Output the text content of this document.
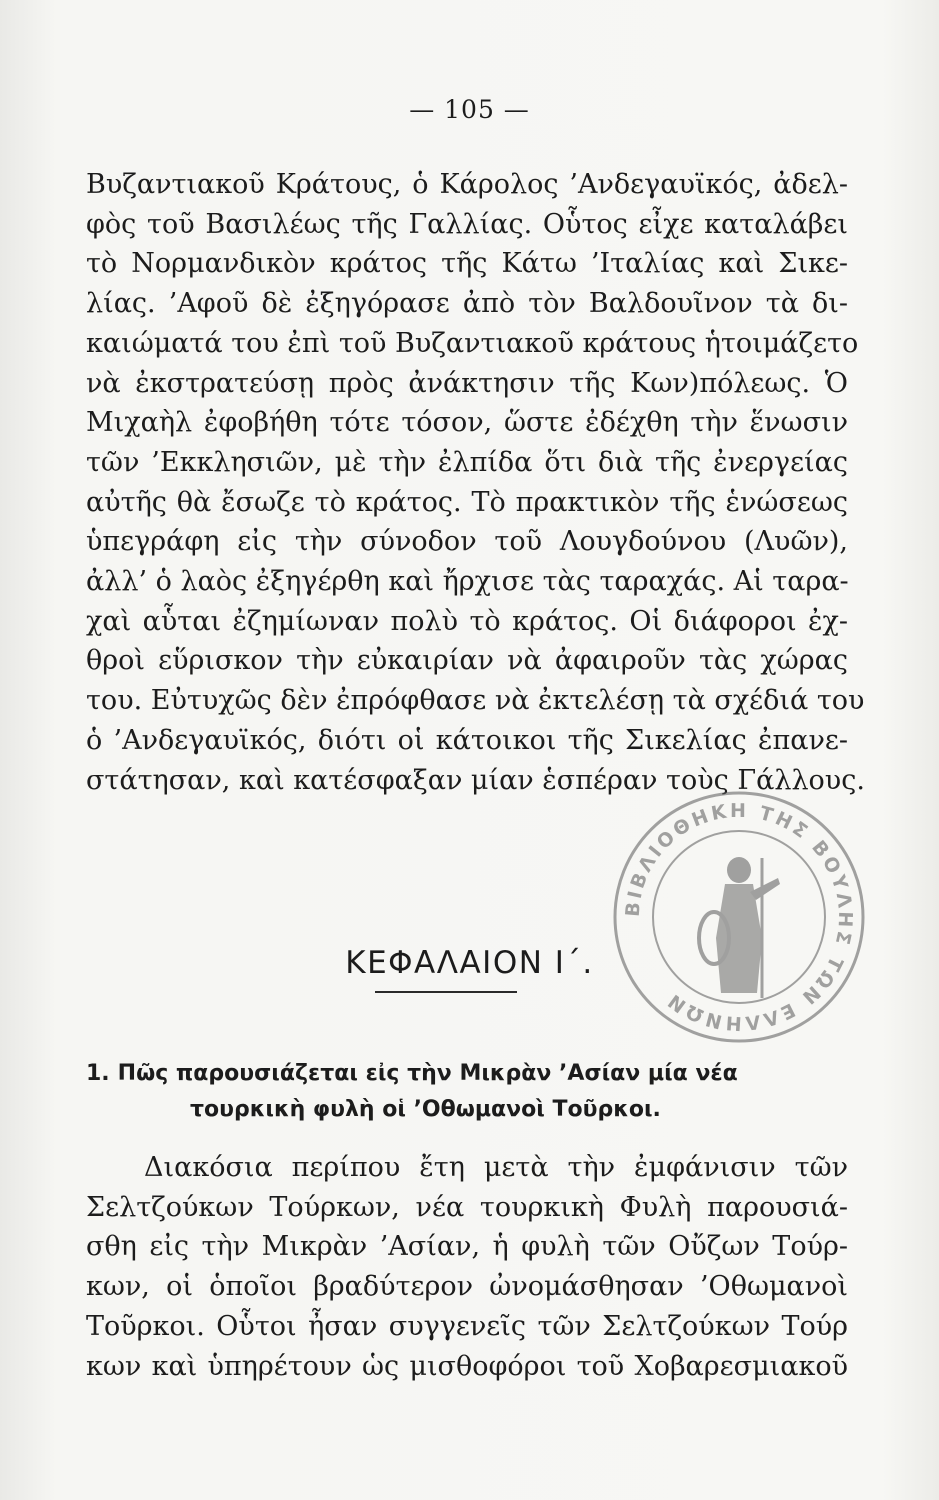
— 105 —

Βυζαντιακοῦ Κράτους, ὁ Κάρολος ’Ανδεγαυϊκός, ἀδελ-
φὸς τοῦ Βασιλέως τῆς Γαλλίας. Οὗτος εἶχε καταλάβει
τὸ Νορμανδικὸν κράτος τῆς Κάτω ’Ιταλίας καὶ Σικε-
λίας. ’Αφοῦ δὲ ἐξηγόρασε ἀπὸ τὸν Βαλδουῖνον τὰ δι-
καιώματά του ἐπὶ τοῦ Βυζαντιακοῦ κράτους ἡτοιμάζετο
νὰ ἐκστρατεύσῃ πρὸς ἀνάκτησιν τῆς Κων)πόλεως. Ὁ
Μιχαὴλ ἐφοβήθη τότε τόσον, ὥστε ἐδέχθη τὴν ἕνωσιν
τῶν ’Εκκλησιῶν, μὲ τὴν ἐλπίδα ὅτι διὰ τῆς ἐνεργείας
αὐτῆς θὰ ἔσωζε τὸ κράτος. Τὸ πρακτικὸν τῆς ἑνώσεως
ὑπεγράφη εἰς τὴν σύνοδον τοῦ Λουγδούνου (Λυῶν),
ἀλλ’ ὁ λαὸς ἐξηγέρθη καὶ ἤρχισε τὰς ταραχάς. Αἱ ταρα-
χαὶ αὗται ἐζημίωναν πολὺ τὸ κράτος. Οἱ διάφοροι ἐχ-
θροὶ εὕρισκον τὴν εὐκαιρίαν νὰ ἀφαιροῦν τὰς χώρας
του. Εὐτυχῶς δὲν ἐπρόφθασε νὰ ἐκτελέσῃ τὰ σχέδιά του
ὁ ’Ανδεγαυϊκός, διότι οἱ κάτοικοι τῆς Σικελίας ἐπανε-
στάτησαν, καὶ κατέσφαξαν μίαν ἑσπέραν τοὺς Γάλλους.

ΒΙΒΛΙΟΘΗΚΗ ΤΗΣ ΒΟΥΛΗΣ ΤΩΝ ΕΛΛΗΝΩΝ
ΚΕΦΑΛΑΙΟΝ Ι΄.
1. Πῶς παρουσιάζεται εἰς τὴν Μικρὰν ’Ασίαν μία νέα
τουρκικὴ φυλὴ οἱ ’Οθωμανοὶ Τοῦρκοι.

Διακόσια περίπου ἔτη μετὰ τὴν ἐμφάνισιν τῶν
Σελτζούκων Τούρκων, νέα τουρκικὴ Φυλὴ παρουσιά-
σθη εἰς τὴν Μικρὰν ’Ασίαν, ἡ φυλὴ τῶν Οὔζων Τούρ-
κων, οἱ ὁποῖοι βραδύτερον ὠνομάσθησαν ’Οθωμανοὶ
Τοῦρκοι. Οὗτοι ἦσαν συγγενεῖς τῶν Σελτζούκων Τούρ
κων καὶ ὑπηρέτουν ὡς μισθοφόροι τοῦ Χοβαρεσμιακοῦ
